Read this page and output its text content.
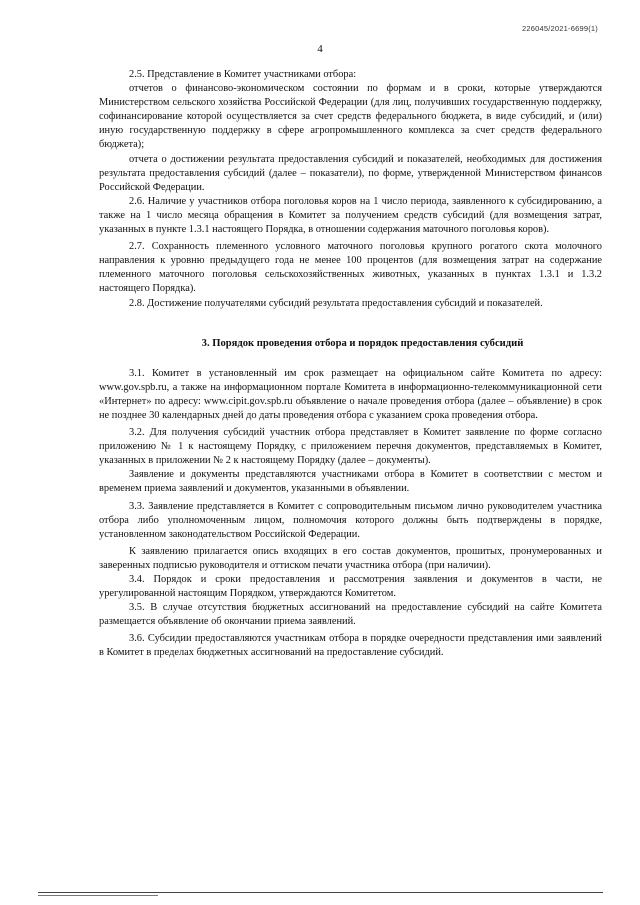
226045/2021-6699(1)
4

2.5. Представление в Комитет участниками отбора:

отчетов о финансово-экономическом состоянии по формам и в сроки, которые утверждаются Министерством сельского хозяйства Российской Федерации (для лиц, получивших государственную поддержку, софинансирование которой осуществляется за счет средств федерального бюджета, в виде субсидий, и (или) иную государственную поддержку в сфере агропромышленного комплекса за счет средств федерального бюджета);

отчета о достижении результата предоставления субсидий и показателей, необходимых для достижения результата предоставления субсидий (далее – показатели), по форме, утвержденной Министерством финансов Российской Федерации.

2.6. Наличие у участников отбора поголовья коров на 1 число периода, заявленного к субсидированию, а также на 1 число месяца обращения в Комитет за получением средств субсидий (для возмещения затрат, указанных в пункте 1.3.1 настоящего Порядка, в отношении содержания маточного поголовья коров).

2.7. Сохранность племенного условного маточного поголовья крупного рогатого скота молочного направления к уровню предыдущего года не менее 100 процентов (для возмещения затрат на содержание племенного маточного поголовья сельскохозяйственных животных, указанных в пунктах 1.3.1 и 1.3.2 настоящего Порядка).

2.8. Достижение получателями субсидий результата предоставления субсидий и показателей.

3. Порядок проведения отбора и порядок предоставления субсидий

3.1. Комитет в установленный им срок размещает на официальном сайте Комитета по адресу: www.gov.spb.ru, а также на информационном портале Комитета в информационно-телекоммуникационной сети «Интернет» по адресу: www.cipit.gov.spb.ru объявление о начале проведения отбора (далее – объявление) в срок не позднее 30 календарных дней до даты проведения отбора с указанием срока проведения отбора.

3.2. Для получения субсидий участник отбора представляет в Комитет заявление по форме согласно приложению № 1 к настоящему Порядку, с приложением перечня документов, представляемых в Комитет, указанных в приложении № 2 к настоящему Порядку (далее – документы).

Заявление и документы представляются участниками отбора в Комитет в соответствии с местом и временем приема заявлений и документов, указанными в объявлении.

3.3. Заявление представляется в Комитет с сопроводительным письмом лично руководителем участника отбора либо уполномоченным лицом, полномочия которого должны быть подтверждены в порядке, установленном законодательством Российской Федерации.

К заявлению прилагается опись входящих в его состав документов, прошитых, пронумерованных и заверенных подписью руководителя и оттиском печати участника отбора (при наличии).

3.4. Порядок и сроки предоставления и рассмотрения заявления и документов в части, не урегулированной настоящим Порядком, утверждаются Комитетом.

3.5. В случае отсутствия бюджетных ассигнований на предоставление субсидий на сайте Комитета размещается объявление об окончании приема заявлений.

3.6. Субсидии предоставляются участникам отбора в порядке очередности представления ими заявлений в Комитет в пределах бюджетных ассигнований на предоставление субсидий.
